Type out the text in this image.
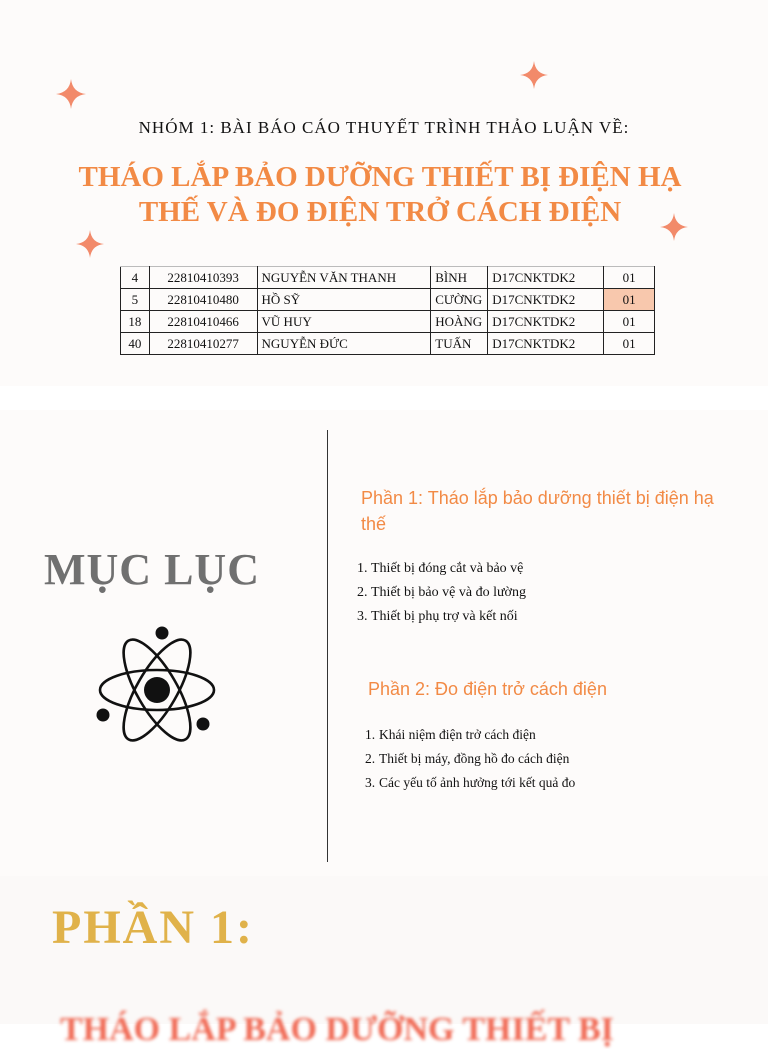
NHÓM 1: BÀI BÁO CÁO THUYẾT TRÌNH THẢO LUẬN VỀ:
THÁO LẮP BẢO DƯỠNG THIẾT BỊ ĐIỆN HẠ
THẾ VÀ ĐO ĐIỆN TRỞ CÁCH ĐIỆN
4	22810410393	NGUYỄN VĂN THANH	BÌNH	D17CNKTDK2	01
5	22810410480	HỒ SỸ	CƯỜNG	D17CNKTDK2	01
18	22810410466	VŨ HUY	HOÀNG	D17CNKTDK2	01
40	22810410277	NGUYỄN ĐỨC	TUẤN	D17CNKTDK2	01
MỤC LỤC
Phần 1: Tháo lắp bảo dưỡng thiết bị điện hạ thế
1. Thiết bị đóng cắt và bảo vệ
2. Thiết bị bảo vệ và đo lường
3. Thiết bị phụ trợ và kết nối
Phần 2: Đo điện trở cách điện
1. Khái niệm điện trở cách điện
2. Thiết bị máy, đồng hồ đo cách điện
3. Các yếu tố ảnh hưởng tới kết quả đo
PHẦN 1:
THÁO LẮP BẢO DƯỠNG THIẾT BỊ
